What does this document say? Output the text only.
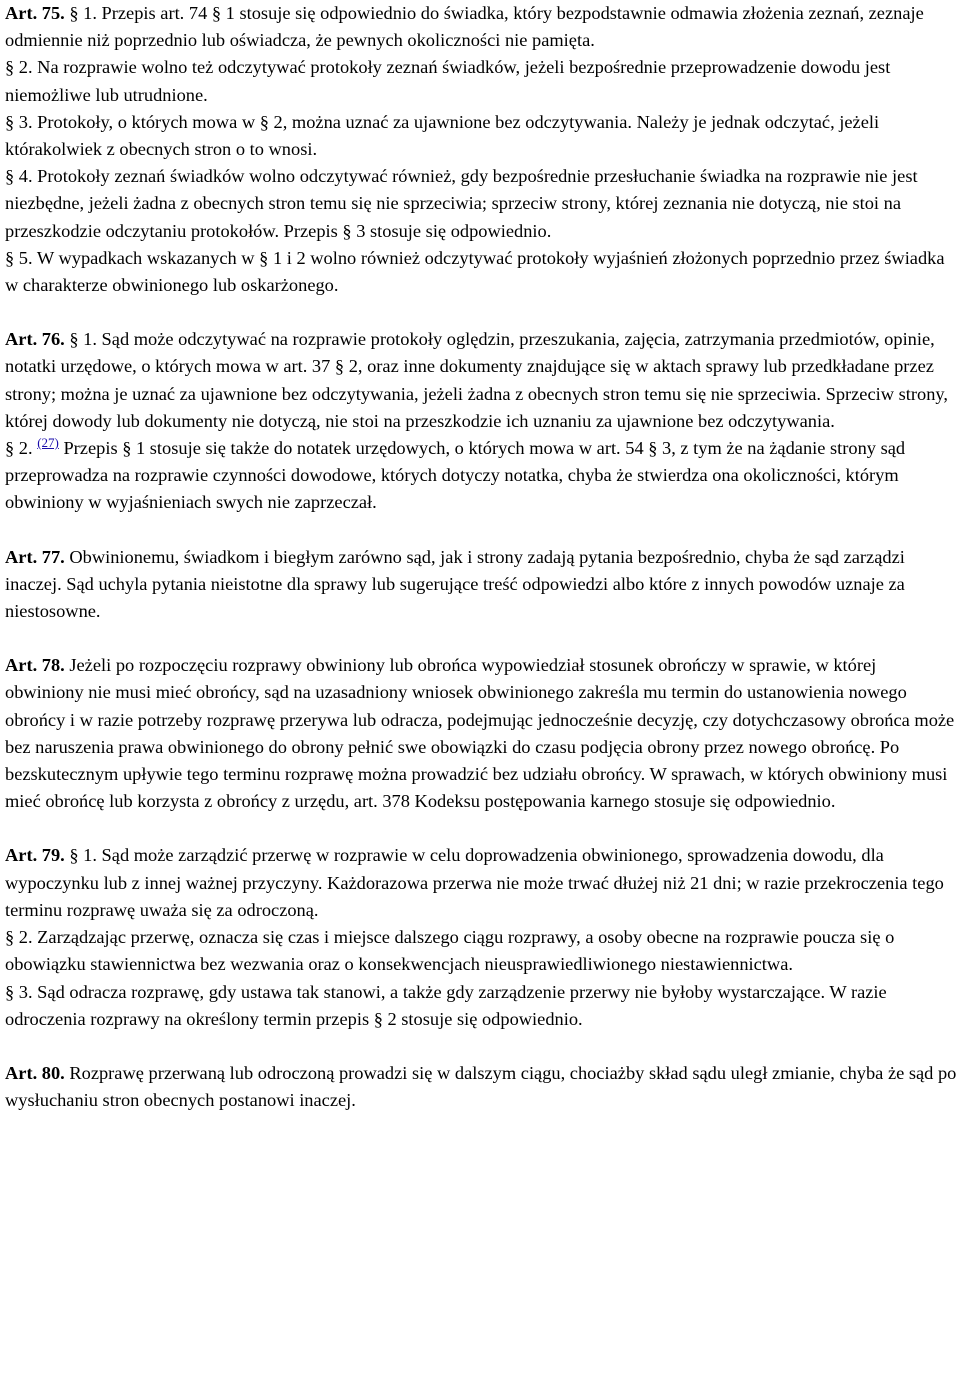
Art. 75. § 1. Przepis art. 74 § 1 stosuje się odpowiednio do świadka, który bezpodstawnie odmawia złożenia zeznań, zeznaje odmiennie niż poprzednio lub oświadcza, że pewnych okoliczności nie pamięta.

§ 2. Na rozprawie wolno też odczytywać protokoły zeznań świadków, jeżeli bezpośrednie przeprowadzenie dowodu jest niemożliwe lub utrudnione.

§ 3. Protokoły, o których mowa w § 2, można uznać za ujawnione bez odczytywania. Należy je jednak odczytać, jeżeli którakolwiek z obecnych stron o to wnosi.

§ 4. Protokoły zeznań świadków wolno odczytywać również, gdy bezpośrednie przesłuchanie świadka na rozprawie nie jest niezbędne, jeżeli żadna z obecnych stron temu się nie sprzeciwia; sprzeciw strony, której zeznania nie dotyczą, nie stoi na przeszkodzie odczytaniu protokołów. Przepis § 3 stosuje się odpowiednio.

§ 5. W wypadkach wskazanych w § 1 i 2 wolno również odczytywać protokoły wyjaśnień złożonych poprzednio przez świadka w charakterze obwinionego lub oskarżonego.

Art. 76. § 1. Sąd może odczytywać na rozprawie protokoły oględzin, przeszukania, zajęcia, zatrzymania przedmiotów, opinie, notatki urzędowe, o których mowa w art. 37 § 2, oraz inne dokumenty znajdujące się w aktach sprawy lub przedkładane przez strony; można je uznać za ujawnione bez odczytywania, jeżeli żadna z obecnych stron temu się nie sprzeciwia. Sprzeciw strony, której dowody lub dokumenty nie dotyczą, nie stoi na przeszkodzie ich uznaniu za ujawnione bez odczytywania.

§ 2. $^{(27)}$ Przepis § 1 stosuje się także do notatek urzędowych, o których mowa w art. 54 § 3, z tym że na żądanie strony sąd przeprowadza na rozprawie czynności dowodowe, których dotyczy notatka, chyba że stwierdza ona okoliczności, którym obwiniony w wyjaśnieniach swych nie zaprzeczał.

Art. 77. Obwinionemu, świadkom i biegłym zarówno sąd, jak i strony zadają pytania bezpośrednio, chyba że sąd zarządzi inaczej. Sąd uchyla pytania nieistotne dla sprawy lub sugerujące treść odpowiedzi albo które z innych powodów uznaje za niestosowne.

Art. 78. Jeżeli po rozpoczęciu rozprawy obwiniony lub obrońca wypowiedział stosunek obrończy w sprawie, w której obwiniony nie musi mieć obrońcy, sąd na uzasadniony wniosek obwinionego zakreśla mu termin do ustanowienia nowego obrońcy i w razie potrzeby rozprawę przerywa lub odracza, podejmując jednocześnie decyzję, czy dotychczasowy obrońca może bez naruszenia prawa obwinionego do obrony pełnić swe obowiązki do czasu podjęcia obrony przez nowego obrońcę. Po bezskutecznym upływie tego terminu rozprawę można prowadzić bez udziału obrońcy. W sprawach, w których obwiniony musi mieć obrońcę lub korzysta z obrońcy z urzędu, art. 378 Kodeksu postępowania karnego stosuje się odpowiednio.

Art. 79. § 1. Sąd może zarządzić przerwę w rozprawie w celu doprowadzenia obwinionego, sprowadzenia dowodu, dla wypoczynku lub z innej ważnej przyczyny. Każdorazowa przerwa nie może trwać dłużej niż 21 dni; w razie przekroczenia tego terminu rozprawę uważa się za odroczoną.

§ 2. Zarządzając przerwę, oznacza się czas i miejsce dalszego ciągu rozprawy, a osoby obecne na rozprawie poucza się o obowiązku stawiennictwa bez wezwania oraz o konsekwencjach nieusprawiedliwionego niestawiennictwa.

§ 3. Sąd odracza rozprawę, gdy ustawa tak stanowi, a także gdy zarządzenie przerwy nie byłoby wystarczające. W razie odroczenia rozprawy na określony termin przepis § 2 stosuje się odpowiednio.

Art. 80. Rozprawę przerwaną lub odroczoną prowadzi się w dalszym ciągu, chociażby skład sądu uległ zmianie, chyba że sąd po wysłuchaniu stron obecnych postanowi inaczej.
